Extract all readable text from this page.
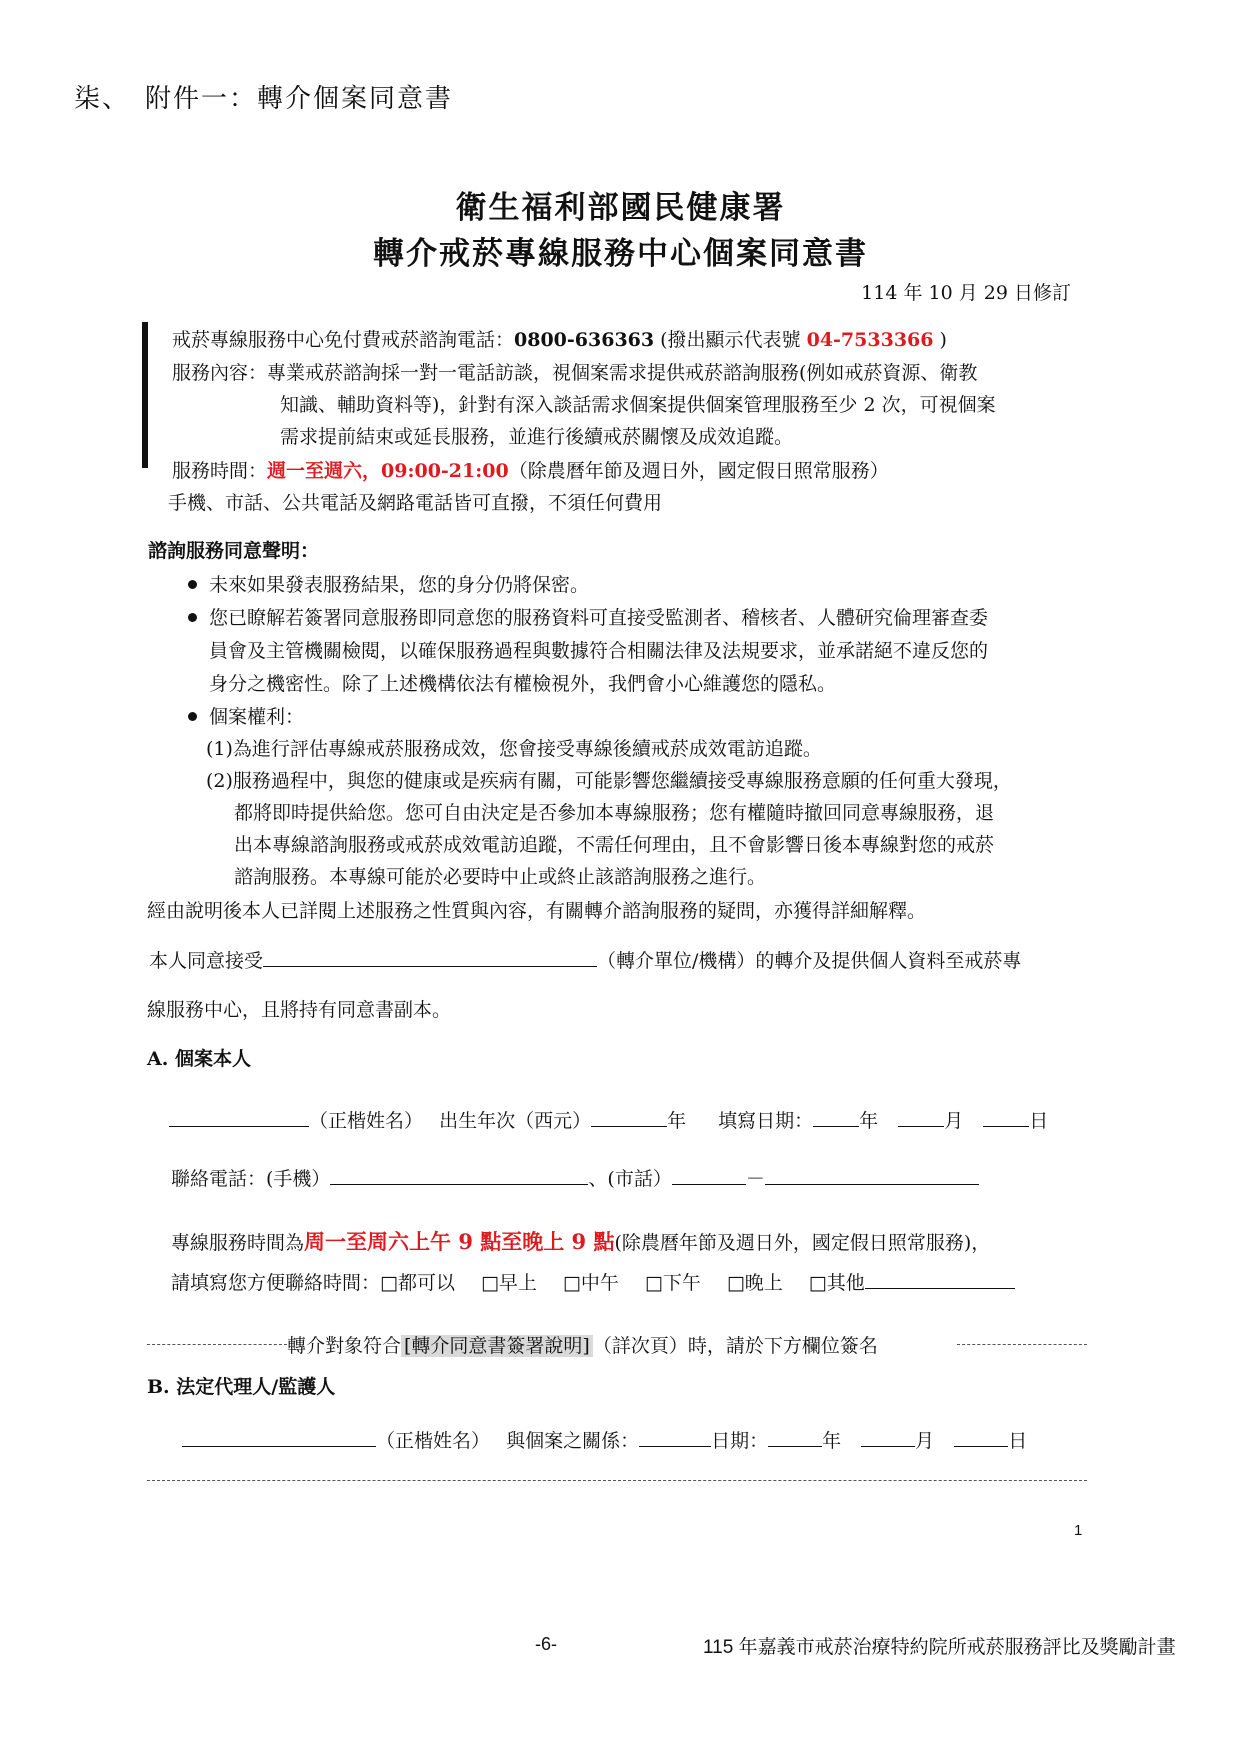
柒、　附件一：轉介個案同意書
衛生福利部國民健康署
轉介戒菸專線服務中心個案同意書
114 年 10 月 29 日修訂
戒菸專線服務中心免付費戒菸諮詢電話：0800-636363 (撥出顯示代表號 04-7533366 )
服務內容：專業戒菸諮詢採一對一電話訪談，視個案需求提供戒菸諮詢服務(例如戒菸資源、衛教
知識、輔助資料等)，針對有深入談話需求個案提供個案管理服務至少 2 次，可視個案
需求提前結束或延長服務，並進行後續戒菸關懷及成效追蹤。
服務時間：週一至週六，09:00-21:00（除農曆年節及週日外，國定假日照常服務）
手機、市話、公共電話及網路電話皆可直撥，不須任何費用
諮詢服務同意聲明：
未來如果發表服務結果，您的身分仍將保密。
您已瞭解若簽署同意服務即同意您的服務資料可直接受監測者、稽核者、人體研究倫理審查委
員會及主管機關檢閱，以確保服務過程與數據符合相關法律及法規要求，並承諾絕不違反您的
身分之機密性。除了上述機構依法有權檢視外，我們會小心維護您的隱私。
個案權利：
(1)為進行評估專線戒菸服務成效，您會接受專線後續戒菸成效電訪追蹤。
(2)服務過程中，與您的健康或是疾病有關，可能影響您繼續接受專線服務意願的任何重大發現，
都將即時提供給您。您可自由決定是否參加本專線服務；您有權隨時撤回同意專線服務，退
出本專線諮詢服務或戒菸成效電訪追蹤，不需任何理由，且不會影響日後本專線對您的戒菸
諮詢服務。本專線可能於必要時中止或終止該諮詢服務之進行。
經由說明後本人已詳閱上述服務之性質與內容，有關轉介諮詢服務的疑問，亦獲得詳細解釋。
本人同意接受	（轉介單位/機構）的轉介及提供個人資料至戒菸專
線服務中心，且將持有同意書副本。
A. 個案本人
（正楷姓名） 出生年次（西元）	年 填寫日期： 年	月	日
聯絡電話：(手機）	、(市話）	－
專線服務時間為周一至周六上午 9 點至晚上 9 點(除農曆年節及週日外，國定假日照常服務)，
請填寫您方便聯絡時間：□都可以 □早上 □中午 □下午 □晚上 □其他
轉介對象符合 [轉介同意書簽署說明] （詳次頁）時，請於下方欄位簽名
B. 法定代理人/監護人
（正楷姓名） 與個案之關係：	日期：	年	月	日
1
-6-	115 年嘉義市戒菸治療特約院所戒菸服務評比及獎勵計畫
